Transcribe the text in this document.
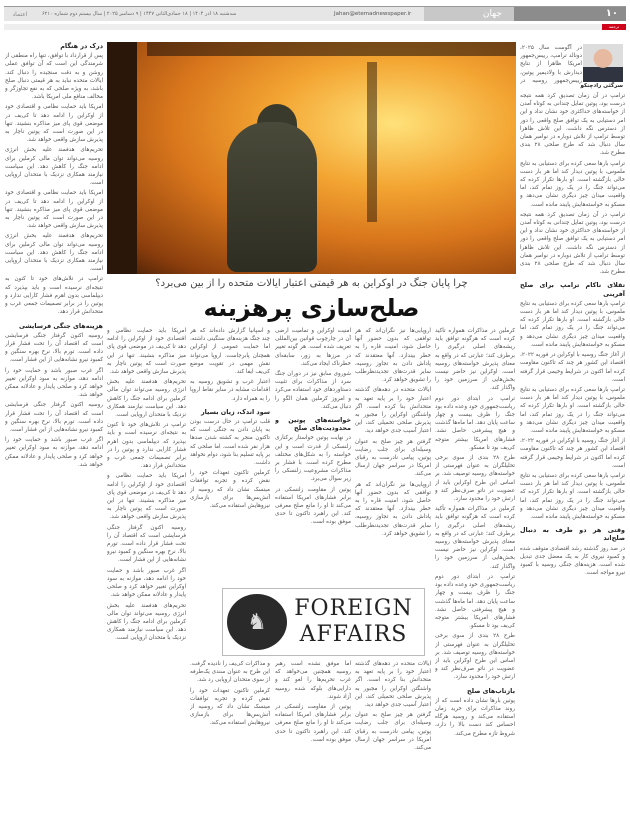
اعتماد	سه‌شنبه ۱۸ آذر ۱۴۰۴ | ۱۸ جمادی‌الثانی ۱۴۴۷ | ۹ دسامبر ۲۰۲۵ | سال بیستم دوم شماره ۶۲۱۰	Jahan@etemadnewspaper.ir	جهان	۱۰
ترجمه
سرگئی رادچنکو
چرا پایان جنگ در اوکراین به هر قیمتی اعتبار ایالات متحده را از بین می‌برد؟
صلح‌سازی پرهزینه

در آگوست سال ۲۰۲۵، دونالد ترامپ، رییس‌جمهور امریکا ظاهرا از نتایج دیدارش با ولادیمیر پوتین، رییس‌جمهور روسیه در

ترامپ در آن زمان تصدیق کرد همه نتیجه درست بود، پوتین تمایل چندانی به کوتاه آمدن از خواسته‌های حداکثری خود نشان نداد و این امر دستیابی به یک توافق صلح واقعی را دور از دسترس نگه داشت. این تلاش ظاهرا توسط ترامپ از تلاش دوباره در نوامبر همان سال دنبال شد که طرح صلحی ۲۸ بندی مطرح شد.

ترامپ بارها سعی کرده برای دستیابی به نتایج ملموس، با پوتین دیدار کند اما هر بار دست خالی بازگشته است. او بارها تکرار کرده که می‌تواند جنگ را در یک روز تمام کند، اما واقعیت میدان چیز دیگری نشان می‌دهد و مسکو به خواسته‌هایش پایبند مانده است.

ترامپ در آن زمان تصدیق کرد همه نتیجه درست بود، پوتین تمایل چندانی به کوتاه آمدن از خواسته‌های حداکثری خود نشان نداد و این امر دستیابی به یک توافق صلح واقعی را دور از دسترس نگه داشت. این تلاش ظاهرا توسط ترامپ از تلاش دوباره در نوامبر همان سال دنبال شد که طرح صلحی ۲۸ بندی مطرح شد.

تقلای ناکام ترامپ برای صلح آفرینی

ترامپ بارها سعی کرده برای دستیابی به نتایج ملموس، با پوتین دیدار کند اما هر بار دست خالی بازگشته است. او بارها تکرار کرده که می‌تواند جنگ را در یک روز تمام کند، اما واقعیت میدان چیز دیگری نشان می‌دهد و مسکو به خواسته‌هایش پایبند مانده است.

از آغاز جنگ روسیه با اوکراین در فوریه ۲۰۲۲، اقتصاد این کشور هر چند که تاکنون مقاومت کرده اما اکنون در شرایط وخیمی قرار گرفته است.

ترامپ بارها سعی کرده برای دستیابی به نتایج ملموس، با پوتین دیدار کند اما هر بار دست خالی بازگشته است. او بارها تکرار کرده که می‌تواند جنگ را در یک روز تمام کند، اما واقعیت میدان چیز دیگری نشان می‌دهد و مسکو به خواسته‌هایش پایبند مانده است.

از آغاز جنگ روسیه با اوکراین در فوریه ۲۰۲۲، اقتصاد این کشور هر چند که تاکنون مقاومت کرده اما اکنون در شرایط وخیمی قرار گرفته است.

ترامپ بارها سعی کرده برای دستیابی به نتایج ملموس، با پوتین دیدار کند اما هر بار دست خالی بازگشته است. او بارها تکرار کرده که می‌تواند جنگ را در یک روز تمام کند، اما واقعیت میدان چیز دیگری نشان می‌دهد و مسکو به خواسته‌هایش پایبند مانده است.

وقتی هر دو طرف به دنبال صلح‌اند

در صد روز گذشته رشد اقتصادی متوقف شده و کمبود نیروی کار به یک معضل جدی تبدیل شده است. هزینه‌های جنگی روسیه با کمبود نیرو مواجه است.

کرملین در مذاکرات همواره تأکید کرده است که هرگونه توافق باید ریشه‌های اصلی درگیری را برطرف کند؛ عبارتی که در واقع به معنای پذیرش خواسته‌های روسیه است. اوکراین نیز حاضر نیست بخش‌هایی از سرزمین خود را واگذار کند.

ترامپ در ابتدای دور دوم ریاست‌جمهوری خود وعده داده بود جنگ را ظرف بیست و چهار ساعت پایان دهد. اما ماه‌ها گذشت و هیچ پیشرفتی حاصل نشد. فشارهای امریکا بیشتر متوجه کی‌یف بود تا مسکو.

طرح ۲۸ بندی از سوی برخی تحلیلگران به عنوان فهرستی از خواسته‌های روسیه توصیف شد. بر اساس این طرح اوکراین باید از عضویت در ناتو صرف‌نظر کند و ارتش خود را محدود سازد.

کرملین در مذاکرات همواره تأکید کرده است که هرگونه توافق باید ریشه‌های اصلی درگیری را برطرف کند؛ عبارتی که در واقع به معنای پذیرش خواسته‌های روسیه است. اوکراین نیز حاضر نیست بخش‌هایی از سرزمین خود را واگذار کند.

ترامپ در ابتدای دور دوم ریاست‌جمهوری خود وعده داده بود جنگ را ظرف بیست و چهار ساعت پایان دهد. اما ماه‌ها گذشت و هیچ پیشرفتی حاصل نشد. فشارهای امریکا بیشتر متوجه کی‌یف بود تا مسکو.

طرح ۲۸ بندی از سوی برخی تحلیلگران به عنوان فهرستی از خواسته‌های روسیه توصیف شد. بر اساس این طرح اوکراین باید از عضویت در ناتو صرف‌نظر کند و ارتش خود را محدود سازد.

بازتاب‌های صلح

پوتین بارها نشان داده است که از روند مذاکرات برای خرید زمان استفاده می‌کند و روسیه هرگاه احساس کند دست بالا را دارد، شروط تازه مطرح می‌کند.

اروپایی‌ها نیز نگران‌اند که هر توافقی که بدون حضور آنها حاصل شود، امنیت قاره را به خطر بیندازد. آنها معتقدند که پاداش دادن به تجاوز روسیه، سایر قدرت‌های تجدیدنظرطلب را تشویق خواهد کرد.

ایالات متحده در دهه‌های گذشته اعتبار خود را بر پایه تعهد به متحدانش بنا کرده است. اگر واشنگتن اوکراین را مجبور به پذیرش صلحی تحمیلی کند، این اعتبار آسیب جدی خواهد دید.

گرفتن هر چیز صلح به عنوان وسیله‌ای برای جلب رضایت پوتین، پیامی نادرست به رقبای امریکا در سراسر جهان ارسال می‌کند.

اروپایی‌ها نیز نگران‌اند که هر توافقی که بدون حضور آنها حاصل شود، امنیت قاره را به خطر بیندازد. آنها معتقدند که پاداش دادن به تجاوز روسیه، سایر قدرت‌های تجدیدنظرطلب را تشویق خواهد کرد.

ایالات متحده در دهه‌های گذشته اعتبار خود را بر پایه تعهد به متحدانش بنا کرده است. اگر واشنگتن اوکراین را مجبور به پذیرش صلحی تحمیلی کند، این اعتبار آسیب جدی خواهد دید.

گرفتن هر چیز صلح به عنوان وسیله‌ای برای جلب رضایت پوتین، پیامی نادرست به رقبای امریکا در سراسر جهان ارسال می‌کند.

امنیت اوکراین و تمامیت ارضی آن در چارچوب قوانین بین‌المللی تعریف شده است. هر گونه تغییر در مرزها به زور، سابقه‌ای خطرناک ایجاد می‌کند.

شوروی سابق نیز در دوران جنگ سرد از مذاکرات برای تثبیت دستاوردهای خود استفاده می‌کرد و امروز کرملین همان الگو را دنبال می‌کند.

خواسته‌های پوتین و محدودیت‌های صلح

در نهایت پوتین خواستار برکناری زلنسکی از قدرت است و این خواسته را به شکل‌های مختلف مطرح کرده است. با فشار بر مذاکرات مشروعیت زلنسکی را زیر سوال می‌برد.

پوتین از مقاومت زلنسکی در برابر فشارهای امریکا استفاده می‌کند تا او را مانع صلح معرفی کند. این راهبرد تاکنون تا حدی موفق بوده است.

اما موفق نشده است رهبر روسیه همچنین می‌خواهد که غرب تحریم‌ها را لغو کند و دارایی‌های بلوکه شده روسیه آزاد شوند.

پوتین از مقاومت زلنسکی در برابر فشارهای امریکا استفاده می‌کند تا او را مانع صلح معرفی کند. این راهبرد تاکنون تا حدی موفق بوده است.

و اسپانیا گزارش داده‌اند که هر چند جنگ هزینه‌های سنگینی داشته، اما حمایت عمومی از اوکراین همچنان پابرجاست. اروپا می‌تواند نقش مهمی در تقویت موضع کی‌یف ایفا کند.

اعتبار غرب و تشویق روسیه به اقدامات مشابه در سایر نقاط اروپا را به همراه دارد.

سود اندک، زیان بسیار

قلب ترامپ در حال درست بودن به پایان دادن به جنگی است که تاکنون منجر به کشته شدن صدها هزار نفر شده است. اما صلحی که بر پایه تسلیم بنا شود، دوام نخواهد داشت.

کرملین تاکنون تعهدات خود را نقض کرده و تجربه توافقات مینسک نشان داد که روسیه از آتش‌بس‌ها برای بازسازی نیروهایش استفاده می‌کند.

و مذاکرات کی‌یف را نادیده گرفت. این طرح به عنوان سندی یک‌طرفه از سوی متحدان اروپایی رد شد.

کرملین تاکنون تعهدات خود را نقض کرده و تجربه توافقات مینسک نشان داد که روسیه از آتش‌بس‌ها برای بازسازی نیروهایش استفاده می‌کند.

امریکا باید حمایت نظامی و اقتصادی خود از اوکراین را ادامه دهد تا کی‌یف در موضعی قوی پای میز مذاکره بنشیند. تنها در این صورت است که پوتین ناچار به پذیرش سازش واقعی خواهد شد.

تحریم‌های هدفمند علیه بخش انرژی روسیه می‌تواند توان مالی کرملین برای ادامه جنگ را کاهش دهد. این سیاست نیازمند همکاری نزدیک با متحدان اروپایی است.

ترامپ در تلاش‌های خود تا کنون به نتیجه‌ای نرسیده است و باید بپذیرد که دیپلماسی بدون اهرم فشار کارایی ندارد و پوتین را در برابر تصمیمات جمعی غرب و متحدانش قرار دهد.

امریکا باید حمایت نظامی و اقتصادی خود از اوکراین را ادامه دهد تا کی‌یف در موضعی قوی پای میز مذاکره بنشیند. تنها در این صورت است که پوتین ناچار به پذیرش سازش واقعی خواهد شد.

روسیه اکنون گرفتار جنگی فرسایشی است که اقتصاد آن را تحت فشار قرار داده است. تورم بالا، نرخ بهره سنگین و کمبود نیرو نشانه‌هایی از این فشار است.

اگر غرب صبور باشد و حمایت خود را ادامه دهد، موازنه به سود اوکراین تغییر خواهد کرد و صلحی پایدار و عادلانه ممکن خواهد شد.

تحریم‌های هدفمند علیه بخش انرژی روسیه می‌تواند توان مالی کرملین برای ادامه جنگ را کاهش دهد. این سیاست نیازمند همکاری نزدیک با متحدان اروپایی است.

درک در هنگام

پس از قرارداد با توافق، تنها راه منطقی از شرمندگی این است که آن توافق عملی روشن و به دقت سنجیده را دنبال کند. ایالات متحده نباید به هر قیمتی دنبال صلح باشد، به ویژه صلحی که به نفع تجاوزگر و مخالف منافع ملی امریکا باشد.

امریکا باید حمایت نظامی و اقتصادی خود از اوکراین را ادامه دهد تا کی‌یف در موضعی قوی پای میز مذاکره بنشیند. تنها در این صورت است که پوتین ناچار به پذیرش سازش واقعی خواهد شد.

تحریم‌های هدفمند علیه بخش انرژی روسیه می‌تواند توان مالی کرملین برای ادامه جنگ را کاهش دهد. این سیاست نیازمند همکاری نزدیک با متحدان اروپایی است.

امریکا باید حمایت نظامی و اقتصادی خود از اوکراین را ادامه دهد تا کی‌یف در موضعی قوی پای میز مذاکره بنشیند. تنها در این صورت است که پوتین ناچار به پذیرش سازش واقعی خواهد شد.

تحریم‌های هدفمند علیه بخش انرژی روسیه می‌تواند توان مالی کرملین برای ادامه جنگ را کاهش دهد. این سیاست نیازمند همکاری نزدیک با متحدان اروپایی است.

ترامپ در تلاش‌های خود تا کنون به نتیجه‌ای نرسیده است و باید بپذیرد که دیپلماسی بدون اهرم فشار کارایی ندارد و پوتین را در برابر تصمیمات جمعی غرب و متحدانش قرار دهد.

هزینه‌های جنگی فرسایشی

روسیه اکنون گرفتار جنگی فرسایشی است که اقتصاد آن را تحت فشار قرار داده است. تورم بالا، نرخ بهره سنگین و کمبود نیرو نشانه‌هایی از این فشار است.

اگر غرب صبور باشد و حمایت خود را ادامه دهد، موازنه به سود اوکراین تغییر خواهد کرد و صلحی پایدار و عادلانه ممکن خواهد شد.

روسیه اکنون گرفتار جنگی فرسایشی است که اقتصاد آن را تحت فشار قرار داده است. تورم بالا، نرخ بهره سنگین و کمبود نیرو نشانه‌هایی از این فشار است.

اگر غرب صبور باشد و حمایت خود را ادامه دهد، موازنه به سود اوکراین تغییر خواهد کرد و صلحی پایدار و عادلانه ممکن خواهد شد.

♞
FOREIGN
AFFAIRS
